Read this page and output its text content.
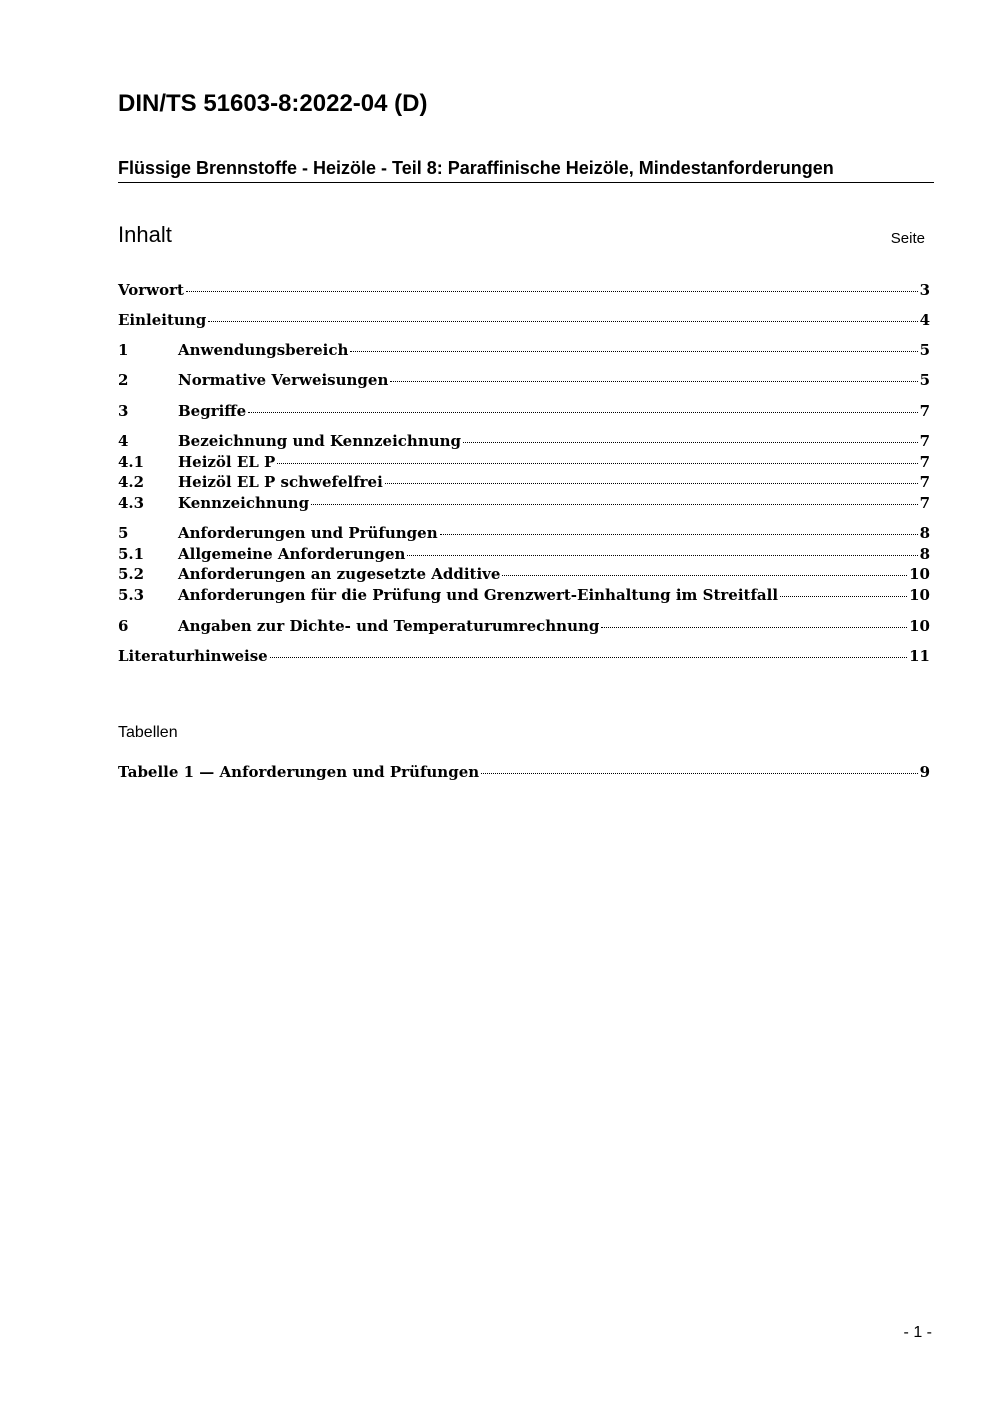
DIN/TS 51603-8:2022-04 (D)
Flüssige Brennstoffe - Heizöle - Teil 8: Paraffinische Heizöle, Mindestanforderungen
Inhalt	Seite
Vorwort	3
Einleitung	4
1	Anwendungsbereich	5
2	Normative Verweisungen	5
3	Begriffe	7
4	Bezeichnung und Kennzeichnung	7
4.1	Heizöl EL P	7
4.2	Heizöl EL P schwefelfrei	7
4.3	Kennzeichnung	7
5	Anforderungen und Prüfungen	8
5.1	Allgemeine Anforderungen	8
5.2	Anforderungen an zugesetzte Additive	10
5.3	Anforderungen für die Prüfung und Grenzwert-Einhaltung im Streitfall	10
6	Angaben zur Dichte- und Temperaturumrechnung	10
Literaturhinweise	11
Tabellen
Tabelle 1 — Anforderungen und Prüfungen	9
- 1 -
